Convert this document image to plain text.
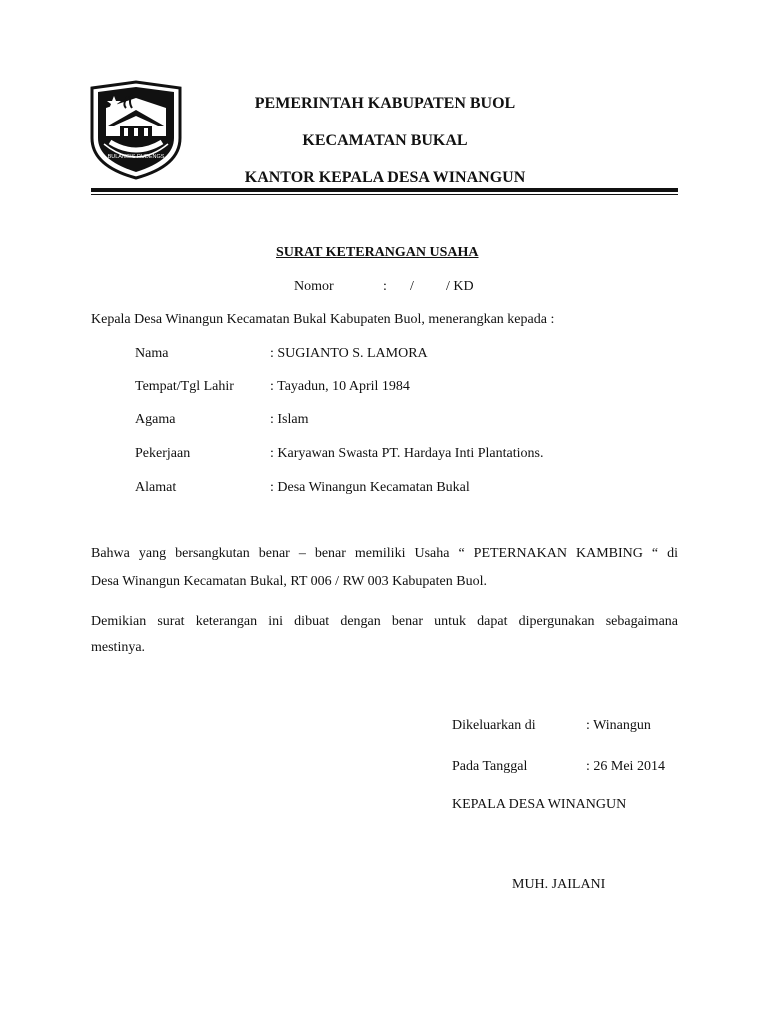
BULANGIS RUDENGS
PEMERINTAH KABUPATEN BUOL
KECAMATAN BUKAL
KANTOR KEPALA DESA WINANGUN
SURAT KETERANGAN USAHA
Nomor	: / / KD
Kepala Desa Winangun Kecamatan Bukal Kabupaten Buol, menerangkan kepada :
Nama	: SUGIANTO S. LAMORA
Tempat/Tgl Lahir	: Tayadun, 10 April 1984
Agama	: Islam
Pekerjaan	: Karyawan Swasta PT. Hardaya Inti Plantations.
Alamat	: Desa Winangun Kecamatan Bukal
Bahwa yang bersangkutan benar – benar memiliki Usaha “ PETERNAKAN KAMBING “ di
Desa Winangun Kecamatan Bukal, RT 006 / RW 003 Kabupaten Buol.
Demikian surat keterangan ini dibuat dengan benar untuk dapat dipergunakan sebagaimana
mestinya.
Dikeluarkan di	: Winangun
Pada Tanggal	: 26 Mei 2014
KEPALA DESA WINANGUN
MUH. JAILANI
